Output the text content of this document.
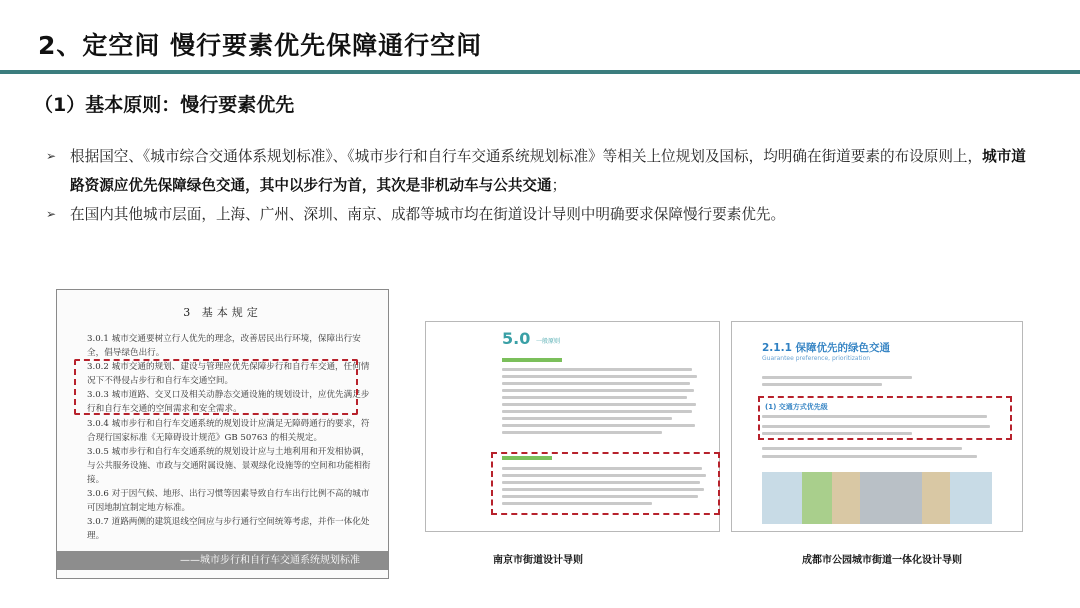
2、定空间 慢行要素优先保障通行空间
（1）基本原则：慢行要素优先
➢ 根据国空、《城市综合交通体系规划标准》、《城市步行和自行车交通系统规划标准》等相关上位规划及国标，均明确在街道要素的布设原则上，城市道路资源应优先保障绿色交通，其中以步行为首，其次是非机动车与公共交通；
➢ 在国内其他城市层面，上海、广州、深圳、南京、成都等城市均在街道设计导则中明确要求保障慢行要素优先。
3 基本规定
3.0.1 城市交通要树立行人优先的理念，改善居民出行环境，保障出行安全，倡导绿色出行。
3.0.2 城市交通的规划、建设与管理应优先保障步行和自行车交通，任何情况下不得侵占步行和自行车交通空间。
3.0.3 城市道路、交叉口及相关动静态交通设施的规划设计，应优先满足步行和自行车交通的空间需求和安全需求。
3.0.4 城市步行和自行车交通系统的规划设计应满足无障碍通行的要求，符合现行国家标准《无障碍设计规范》GB 50763 的相关规定。
3.0.5 城市步行和自行车交通系统的规划设计应与土地利用和开发相协调，与公共服务设施、市政与交通附属设施、景观绿化设施等的空间和功能相衔接。
3.0.6 对于因气候、地形、出行习惯等因素导致自行车出行比例不高的城市可因地制宜制定地方标准。
3.0.7 道路两侧的建筑退线空间应与步行通行空间统筹考虑，并作一体化处理。
——城市步行和自行车交通系统规划标准
5.0 一般原则
南京市街道设计导则
2.1.1 保障优先的绿色交通
Guarantee preference, prioritization
(1) 交通方式优先级
成都市公园城市街道一体化设计导则
